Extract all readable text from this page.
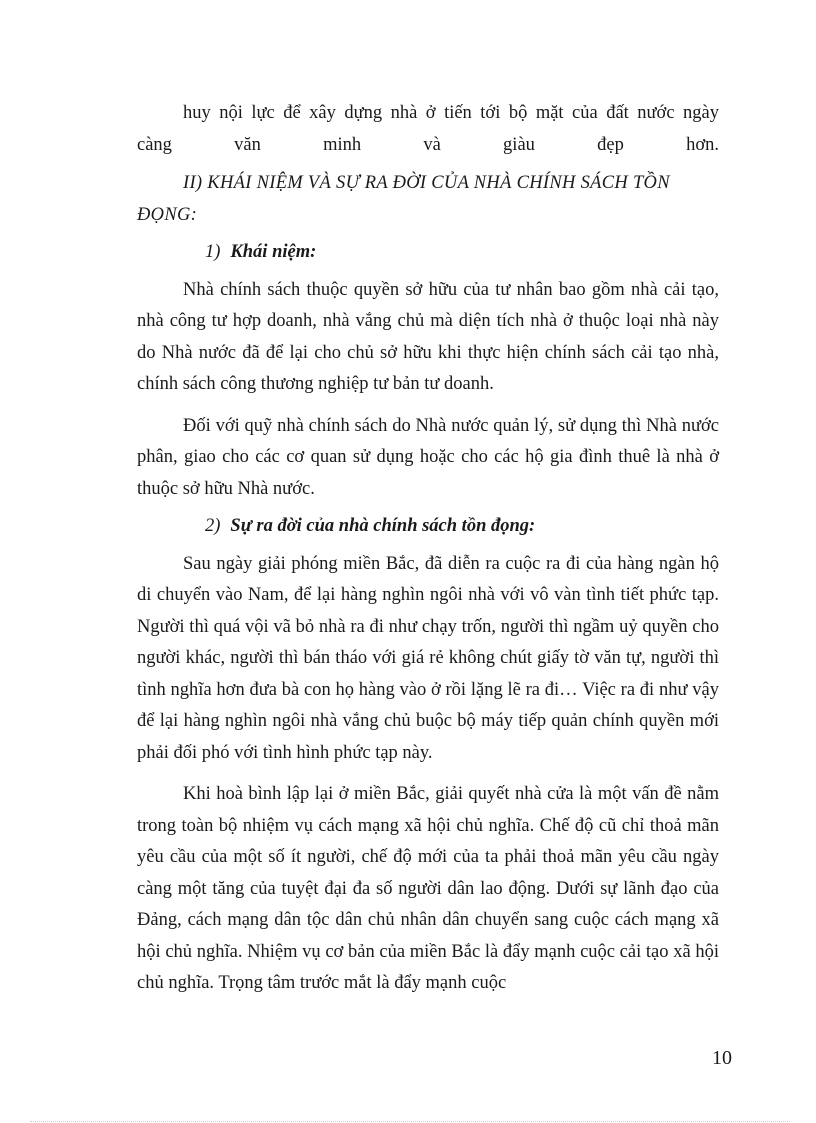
huy nội lực để xây dựng nhà ở tiến tới bộ mặt của đất nước ngày

càng văn minh và giàu đẹp hơn.

II) KHÁI NIỆM VÀ SỰ RA ĐỜI CỦA NHÀ CHÍNH SÁCH TỒN ĐỌNG:

1) Khái niệm:

Nhà chính sách thuộc quyền sở hữu của tư nhân bao gồm nhà cải tạo, nhà công tư hợp doanh, nhà vắng chủ mà diện tích nhà ở thuộc loại nhà này do Nhà nước đã để lại cho chủ sở hữu khi thực hiện chính sách cải tạo nhà, chính sách công thương nghiệp tư bản tư doanh.

Đối với quỹ nhà chính sách do Nhà nước quản lý, sử dụng thì Nhà nước phân, giao cho các cơ quan sử dụng hoặc cho các hộ gia đình thuê là nhà ở thuộc sở hữu Nhà nước.

2) Sự ra đời của nhà chính sách tồn đọng:

Sau ngày giải phóng miền Bắc, đã diễn ra cuộc ra đi của hàng ngàn hộ di chuyển vào Nam, để lại hàng nghìn ngôi nhà với vô vàn tình tiết phức tạp. Người thì quá vội vã bỏ nhà ra đi như chạy trốn, người thì ngầm uỷ quyền cho người khác, người thì bán tháo với giá rẻ không chút giấy tờ văn tự, người thì tình nghĩa hơn đưa bà con họ hàng vào ở rồi lặng lẽ ra đi… Việc ra đi như vậy để lại hàng nghìn ngôi nhà vắng chủ buộc bộ máy tiếp quản chính quyền mới phải đối phó với tình hình phức tạp này.

Khi hoà bình lập lại ở miền Bắc, giải quyết nhà cửa là một vấn đề nằm trong toàn bộ nhiệm vụ cách mạng xã hội chủ nghĩa. Chế độ cũ chỉ thoả mãn yêu cầu của một số ít người, chế độ mới của ta phải thoả mãn yêu cầu ngày càng một tăng của tuyệt đại đa số người dân lao động. Dưới sự lãnh đạo của Đảng, cách mạng dân tộc dân chủ nhân dân chuyển sang cuộc cách mạng xã hội chủ nghĩa. Nhiệm vụ cơ bản của miền Bắc là đẩy mạnh cuộc cải tạo xã hội chủ nghĩa. Trọng tâm trước mắt là đẩy mạnh cuộc

10
